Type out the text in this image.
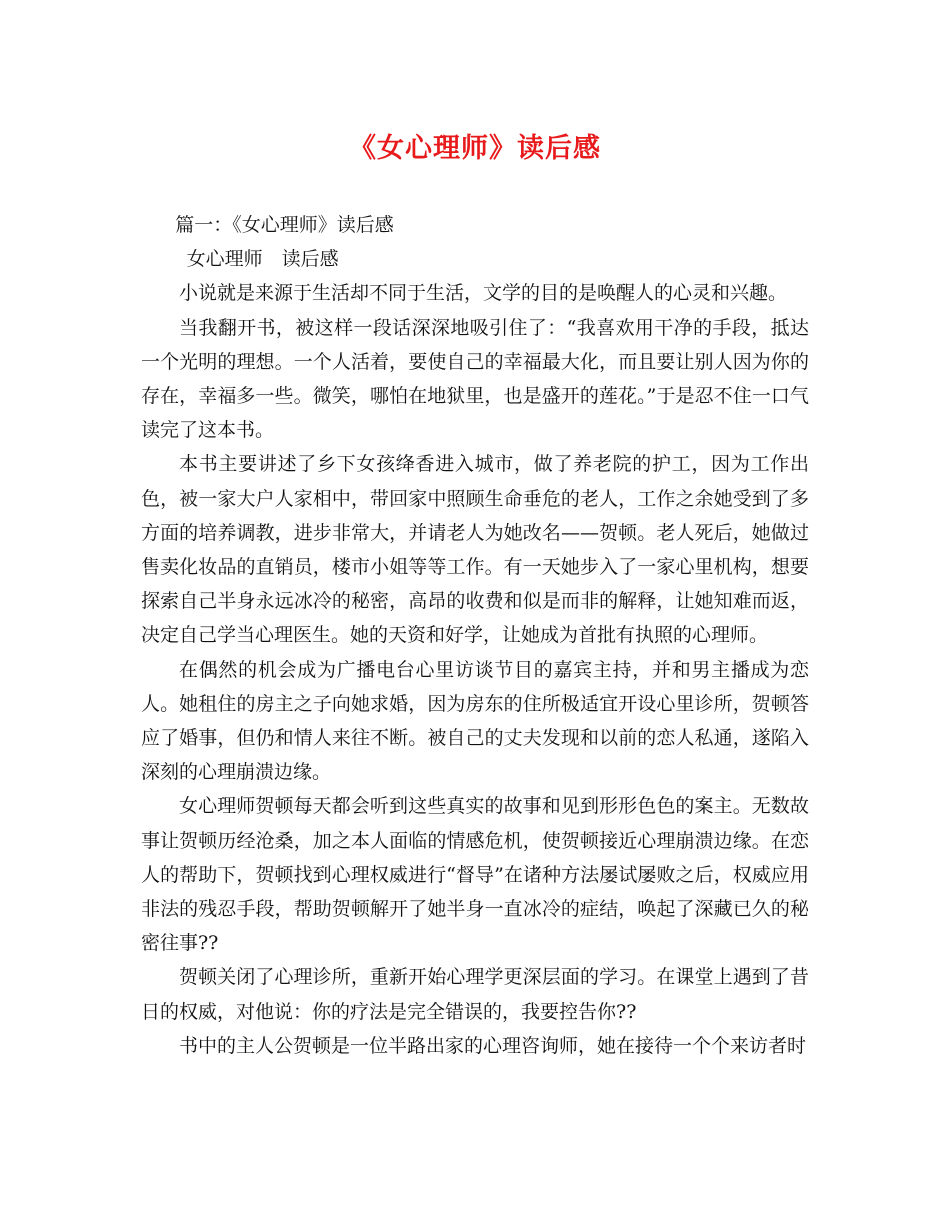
《女心理师》读后感

篇一：《女心理师》读后感

女心理师　读后感

小说就是来源于生活却不同于生活，文学的目的是唤醒人的心灵和兴趣。

当我翻开书，被这样一段话深深地吸引住了：“我喜欢用干净的手段，抵达一个光明的理想。一个人活着，要使自己的幸福最大化，而且要让别人因为你的存在，幸福多一些。微笑，哪怕在地狱里，也是盛开的莲花。”于是忍不住一口气读完了这本书。

本书主要讲述了乡下女孩绛香进入城市，做了养老院的护工，因为工作出色，被一家大户人家相中，带回家中照顾生命垂危的老人，工作之余她受到了多方面的培养调教，进步非常大，并请老人为她改名——贺顿。老人死后，她做过售卖化妆品的直销员，楼市小姐等等工作。有一天她步入了一家心里机构，想要探索自己半身永远冰冷的秘密，高昂的收费和似是而非的解释，让她知难而返，决定自己学当心理医生。她的天资和好学，让她成为首批有执照的心理师。

在偶然的机会成为广播电台心里访谈节目的嘉宾主持，并和男主播成为恋人。她租住的房主之子向她求婚，因为房东的住所极适宜开设心里诊所，贺顿答应了婚事，但仍和情人来往不断。被自己的丈夫发现和以前的恋人私通，遂陷入深刻的心理崩溃边缘。

女心理师贺顿每天都会听到这些真实的故事和见到形形色色的案主。无数故事让贺顿历经沧桑，加之本人面临的情感危机，使贺顿接近心理崩溃边缘。在恋人的帮助下，贺顿找到心理权威进行“督导”在诸种方法屡试屡败之后，权威应用非法的残忍手段，帮助贺顿解开了她半身一直冰冷的症结，唤起了深藏已久的秘密往事??

贺顿关闭了心理诊所，重新开始心理学更深层面的学习。在课堂上遇到了昔日的权威，对他说：你的疗法是完全错误的，我要控告你??

书中的主人公贺顿是一位半路出家的心理咨询师，她在接待一个个来访者时
